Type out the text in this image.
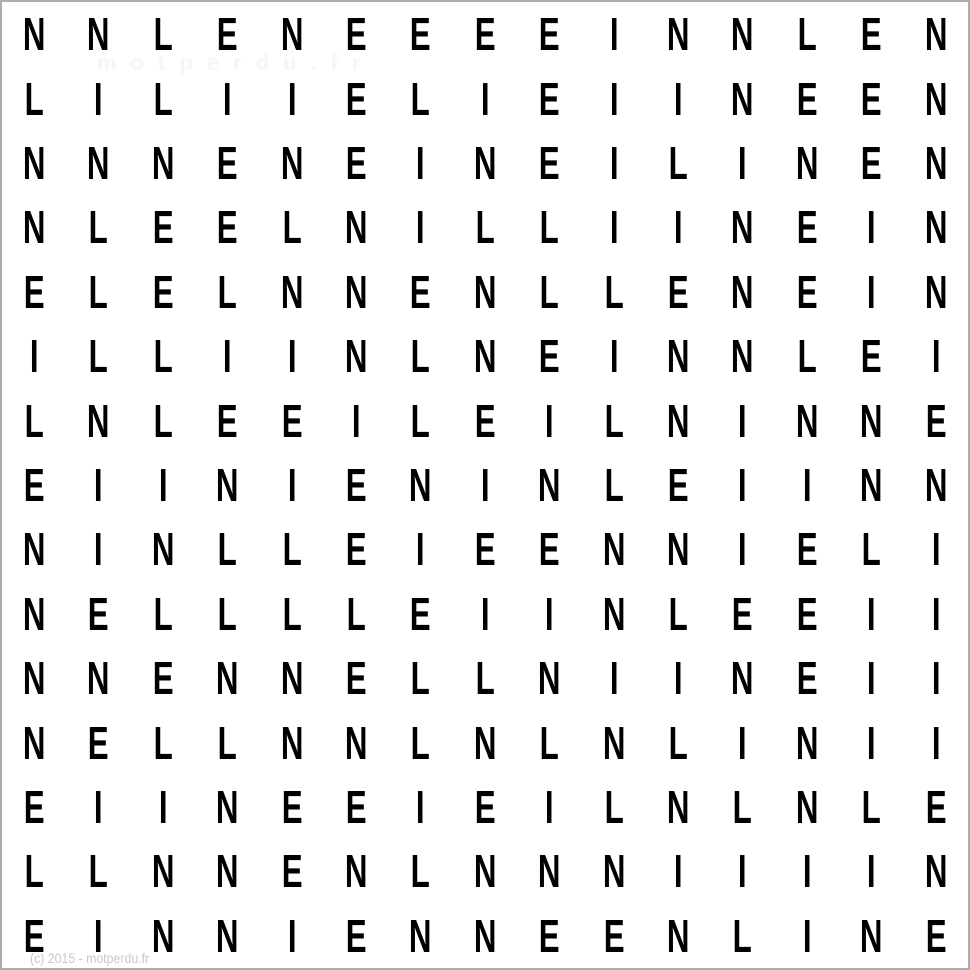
motperdu.fr
N N L E N E E E E	I	N N L E N
L	I	L	I	I	E L	I	E	I	I	N E E N
N N N E N E	I	N E	I	L	I	N E N
N L E E L N	I	L L	I	I	N E	I	N
E L E L N N E N L L E N E	I	N
I	L L	I	I	N L N E	I	N N L E	I
L N L E E	I	L E	I	L N	I	N N E
E	I	I	N	I	E N	I	N L E	I	I	N N
N	I	N L L E	I	E E N N	I	E L	I
N E L L L L E	I	I	N L E E	I	I
N N E N N E L L N	I	I	N E	I	I
N E L L N N L N L N L	I	N	I	I
E	I	I	N E E	I	E	I	L N L N L E
L L N N E N L N N N	I	I	I	I	N
E	I	N N	I	E N N E E N L	I	N E
(c) 2015 - motperdu.fr
